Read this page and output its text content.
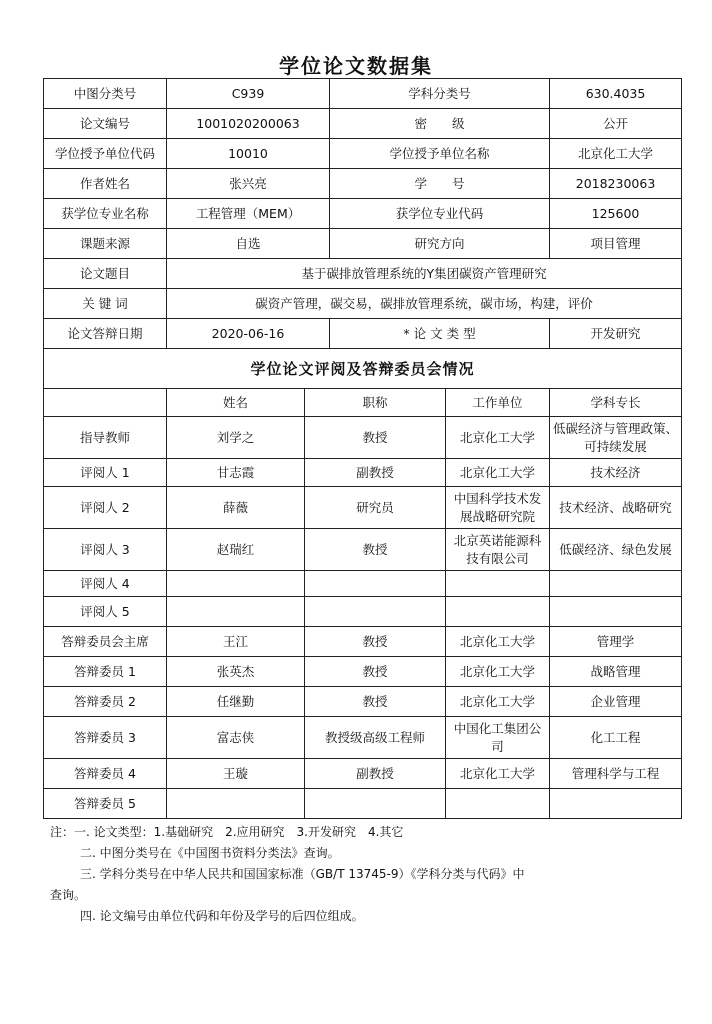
学位论文数据集
中图分类号	C939		学科分类号		630.4035
论文编号	1001020200063		密　　级		公开
学位授予单位代码	10010		学位授予单位名称		北京化工大学
作者姓名	张兴亮		学　　号		2018230063
获学位专业名称	工程管理（MEM）		获学位专业代码		125600
课题来源	自选		研究方向		项目管理
论文题目	基于碳排放管理系统的Y集团碳资产管理研究				
关 键 词	碳资产管理，碳交易，碳排放管理系统，碳市场，构建，评价				
论文答辩日期	2020-06-16		* 论 文 类 型		开发研究
学位论文评阅及答辩委员会情况					
	姓名	职称		工作单位	学科专长
指导教师	刘学之	教授		北京化工大学	低碳经济与管理政策、可持续发展
评阅人 1	甘志霞	副教授		北京化工大学	技术经济
评阅人 2	薛薇	研究员		中国科学技术发展战略研究院	技术经济、战略研究
评阅人 3	赵瑞红	教授		北京英诺能源科技有限公司	低碳经济、绿色发展
评阅人 4					
评阅人 5					
答辩委员会主席	王江	教授		北京化工大学	管理学
答辩委员 1	张英杰	教授		北京化工大学	战略管理
答辩委员 2	任继勤	教授		北京化工大学	企业管理
答辩委员 3	富志侠	教授级高级工程师		中国化工集团公司	化工工程
答辩委员 4	王璇	副教授		北京化工大学	管理科学与工程
答辩委员 5					
注：一. 论文类型：1.基础研究　2.应用研究　3.开发研究　4.其它
二. 中图分类号在《中国图书资料分类法》查询。
三. 学科分类号在中华人民共和国国家标准（GB/T 13745-9）《学科分类与代码》中
查询。
四. 论文编号由单位代码和年份及学号的后四位组成。
